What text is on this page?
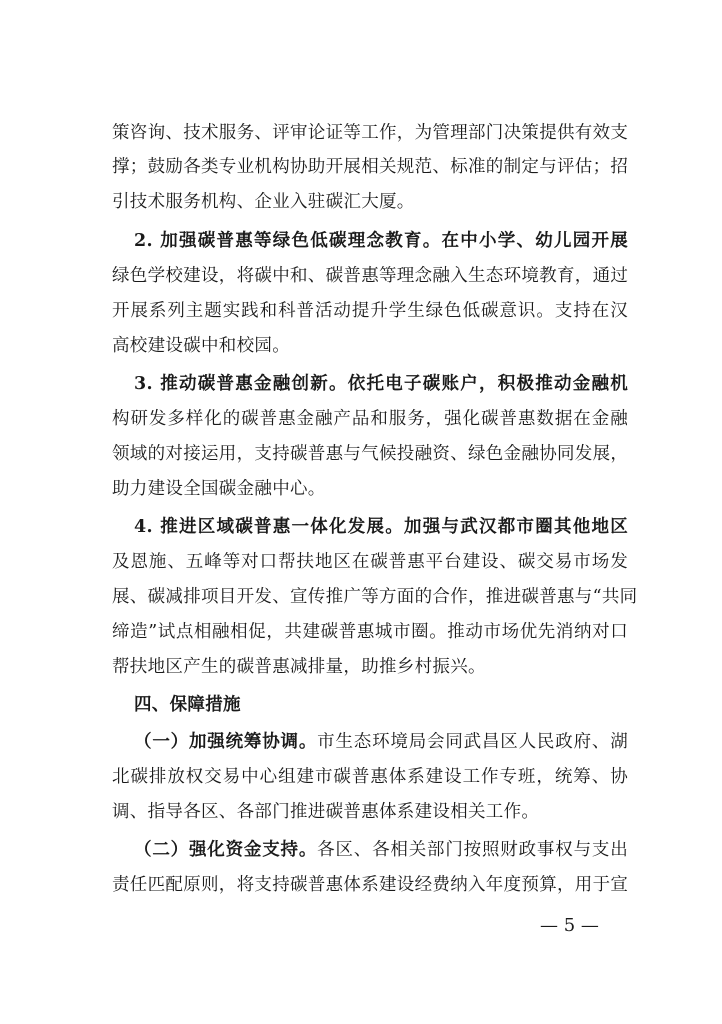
策咨询、技术服务、评审论证等工作，为管理部门决策提供有效支
撑；鼓励各类专业机构协助开展相关规范、标准的制定与评估；招
引技术服务机构、企业入驻碳汇大厦。
2. 加强碳普惠等绿色低碳理念教育。在中小学、幼儿园开展
绿色学校建设，将碳中和、碳普惠等理念融入生态环境教育，通过
开展系列主题实践和科普活动提升学生绿色低碳意识。支持在汉
高校建设碳中和校园。
3. 推动碳普惠金融创新。依托电子碳账户，积极推动金融机
构研发多样化的碳普惠金融产品和服务，强化碳普惠数据在金融
领域的对接运用，支持碳普惠与气候投融资、绿色金融协同发展，
助力建设全国碳金融中心。
4. 推进区域碳普惠一体化发展。加强与武汉都市圈其他地区
及恩施、五峰等对口帮扶地区在碳普惠平台建设、碳交易市场发
展、碳减排项目开发、宣传推广等方面的合作，推进碳普惠与“共同
缔造”试点相融相促，共建碳普惠城市圈。推动市场优先消纳对口
帮扶地区产生的碳普惠减排量，助推乡村振兴。
四、保障措施
（一）加强统筹协调。市生态环境局会同武昌区人民政府、湖
北碳排放权交易中心组建市碳普惠体系建设工作专班，统筹、协
调、指导各区、各部门推进碳普惠体系建设相关工作。
（二）强化资金支持。各区、各相关部门按照财政事权与支出
责任匹配原则，将支持碳普惠体系建设经费纳入年度预算，用于宣
— 5 —
